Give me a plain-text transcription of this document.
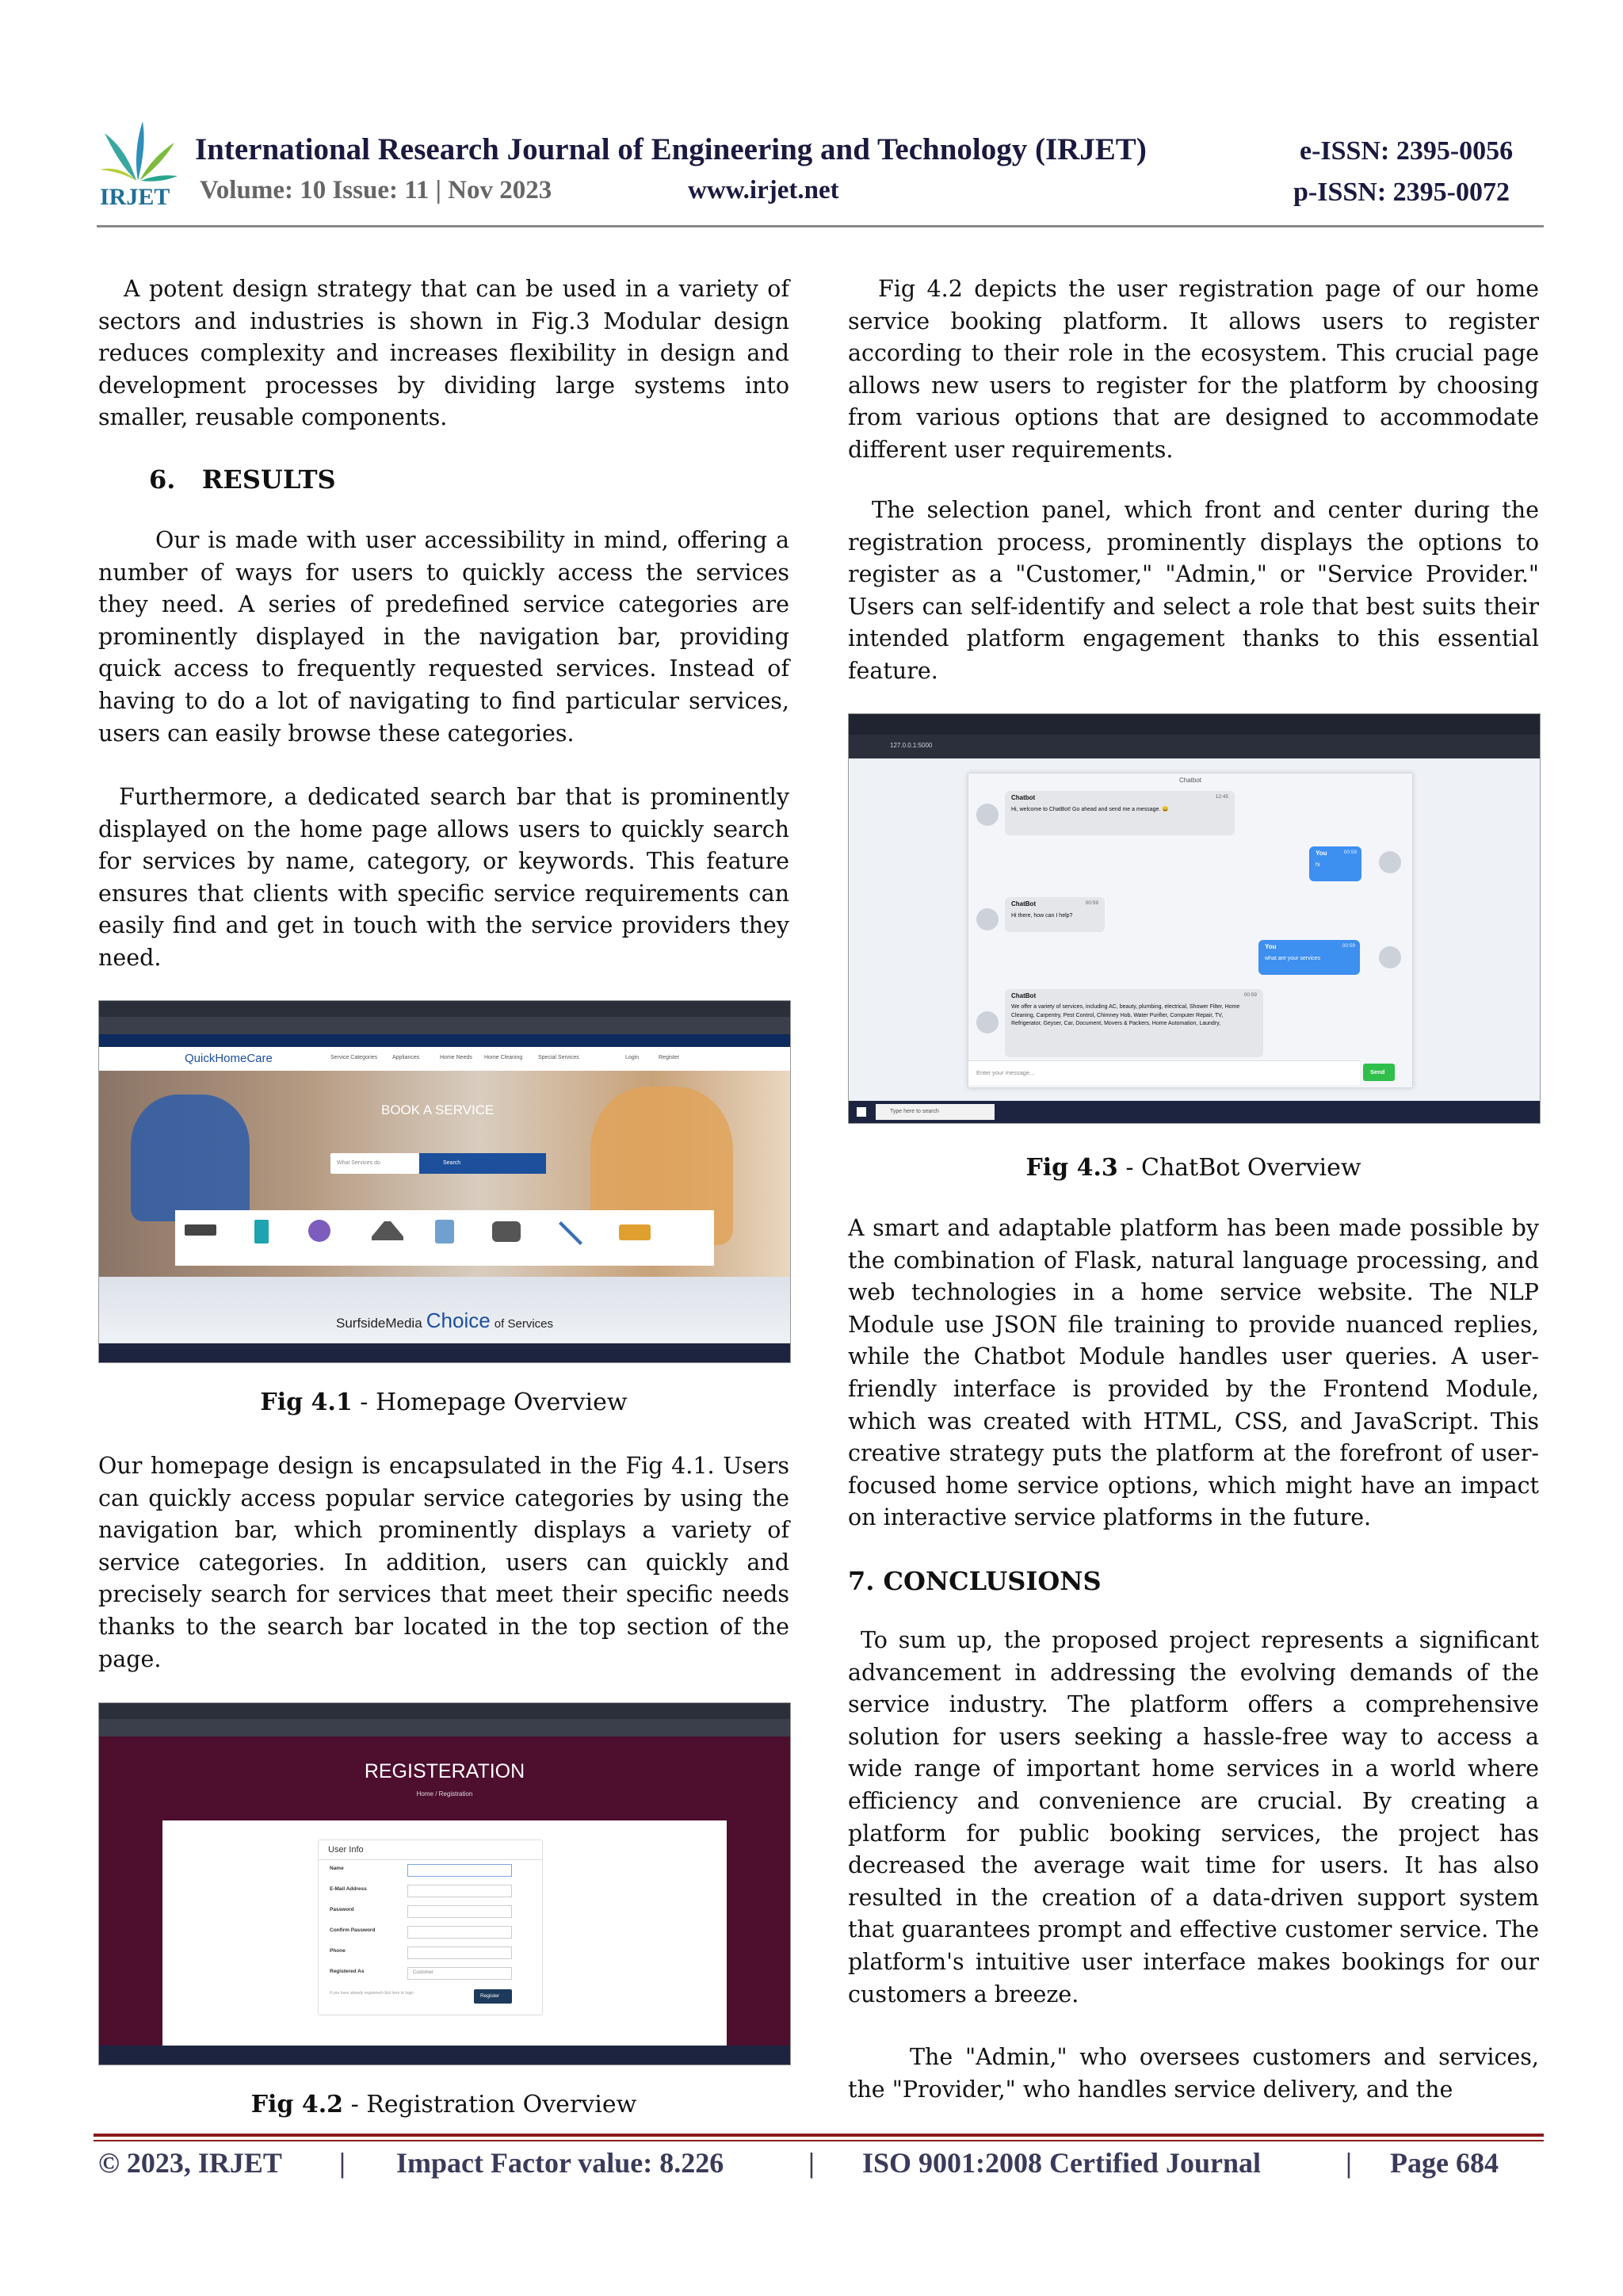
IRJET
International Research Journal of Engineering and Technology (IRJET)	e-ISSN: 2395-0056
Volume: 10 Issue: 11 | Nov 2023	www.irjet.net	p-ISSN: 2395-0072
A potent design strategy that can be used in a variety of sectors and industries is shown in Fig.3 Modular design reduces complexity and increases flexibility in design and development processes by dividing large systems into smaller, reusable components.
6.   RESULTS
Our is made with user accessibility in mind, offering a number of ways for users to quickly access the services they need. A series of predefined service categories are prominently displayed in the navigation bar, providing quick access to frequently requested services. Instead of having to do a lot of navigating to find particular services, users can easily browse these categories.
Furthermore, a dedicated search bar that is prominently displayed on the home page allows users to quickly search for services by name, category, or keywords. This feature ensures that clients with specific service requirements can easily find and get in touch with the service providers they need.
QuickHomeCare	Service Categories	Appliances	Home Needs Home Cleaning	Special Services	Login	Register
BOOK A SERVICE
What Services do	Search
SurfsideMedia Choice of Services
Fig 4.1 - Homepage Overview
Our homepage design is encapsulated in the Fig 4.1. Users can quickly access popular service categories by using the navigation bar, which prominently displays a variety of service categories. In addition, users can quickly and precisely search for services that meet their specific needs thanks to the search bar located in the top section of the page.
REGISTERATION
Home / Registration
User Info
Name
E-Mail Address
Password
Confirm Password
Phone
Registered As	Customer
If you have already registered click here to login	Register
Fig 4.2 - Registration Overview
Fig 4.2 depicts the user registration page of our home service booking platform. It allows users to register according to their role in the ecosystem. This crucial page allows new users to register for the platform by choosing from various options that are designed to accommodate different user requirements.
The selection panel, which front and center during the registration process, prominently displays the options to register as a "Customer," "Admin," or "Service Provider." Users can self-identify and select a role that best suits their intended platform engagement thanks to this essential feature.
127.0.0.1:5000
Chatbot
Chatbot	12:45
Hi, welcome to ChatBot! Go ahead and send me a message. 😀
You	00:59
hi
ChatBot	00:59
Hi there, how can I help?
You	00:59
what are your services
ChatBot	00:59
We offer a variety of services, including AC, beauty, plumbing, electrical, Shower Filter, Home Cleaning, Carpentry, Pest Control, Chimney Hob, Water Purifier, Computer Repair, TV, Refrigerator, Geyser, Car, Document, Movers & Packers, Home Automation, Laundry,
Enter your message...	Send
Type here to search
Fig 4.3 - ChatBot Overview
A smart and adaptable platform has been made possible by the combination of Flask, natural language processing, and web technologies in a home service website. The NLP Module use JSON file training to provide nuanced replies, while the Chatbot Module handles user queries. A user-friendly interface is provided by the Frontend Module, which was created with HTML, CSS, and JavaScript. This creative strategy puts the platform at the forefront of user-focused home service options, which might have an impact on interactive service platforms in the future.
7. CONCLUSIONS
To sum up, the proposed project represents a significant advancement in addressing the evolving demands of the service industry. The platform offers a comprehensive solution for users seeking a hassle-free way to access a wide range of important home services in a world where efficiency and convenience are crucial. By creating a platform for public booking services, the project has decreased the average wait time for users. It has also resulted in the creation of a data-driven support system that guarantees prompt and effective customer service. The platform's intuitive user interface makes bookings for our customers a breeze.
The "Admin," who oversees customers and services, the "Provider," who handles service delivery, and the
© 2023, IRJET | Impact Factor value: 8.226	| ISO 9001:2008 Certified Journal	| Page 684
